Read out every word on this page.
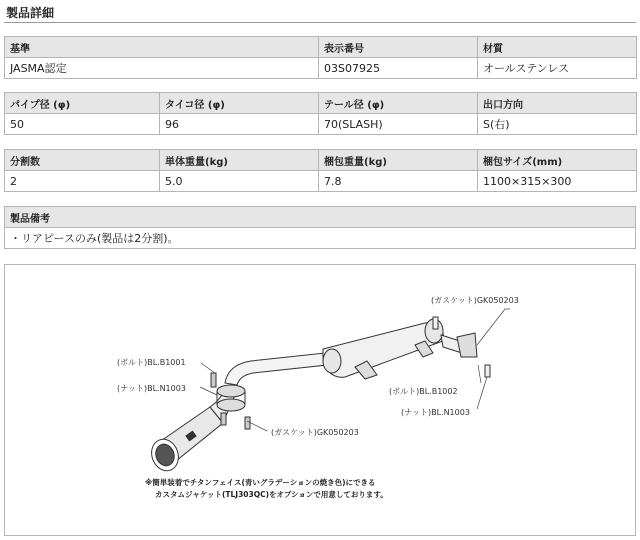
製品詳細
基準	表示番号	材質
JASMA認定	03S07925	オールステンレス
パイプ径 (φ)	タイコ径 (φ)	テール径 (φ)	出口方向
50	96	70(SLASH)	S(右)
分割数	単体重量(kg)	梱包重量(kg)	梱包サイズ(mm)
2	5.0	7.8	1100×315×300
製品備考
・リアピースのみ(製品は2分割)。
(ガスケット)GK050203
(ボルト)BL.B1002
(ナット)BL.N1003
(ボルト)BL.B1001
(ナット)BL.N1003
(ガスケット)GK050203
※簡単装着でチタンフェイス(青いグラデーションの焼き色)にできる
カスタムジャケット(TLJ303QC)をオプションで用意しております。
